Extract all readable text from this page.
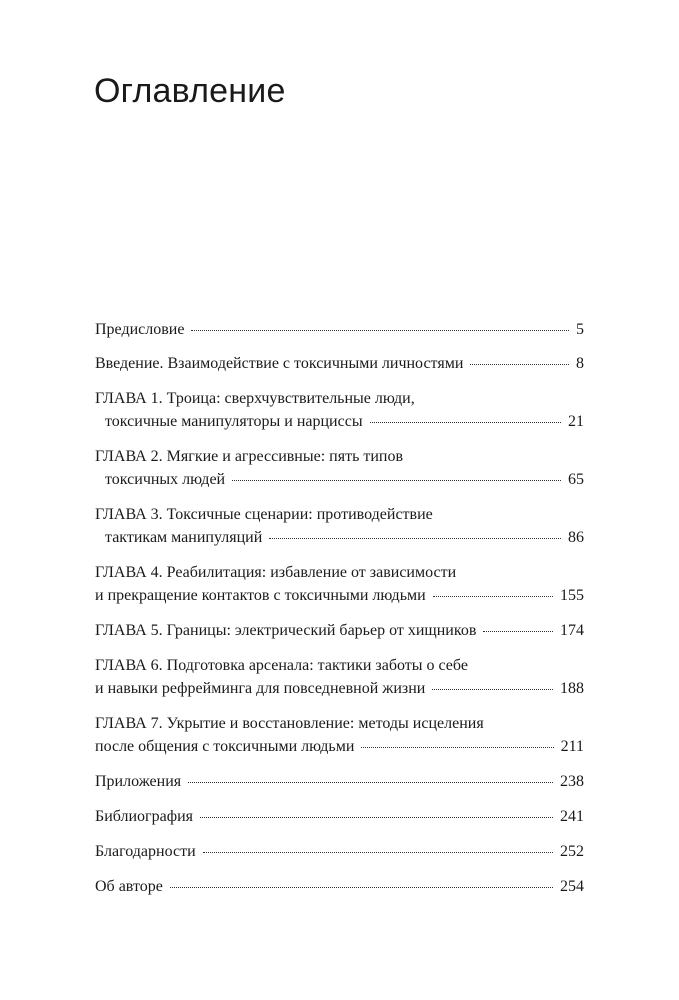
Оглавление
Предисловие	5
Введение. Взаимодействие с токсичными личностями	8
ГЛАВА 1. Троица: сверхчувствительные люди,
токсичные манипуляторы и нарциссы	21
ГЛАВА 2. Мягкие и агрессивные: пять типов
токсичных людей	65
ГЛАВА 3. Токсичные сценарии: противодействие
тактикам манипуляций	86
ГЛАВА 4. Реабилитация: избавление от зависимости
и прекращение контактов с токсичными людьми	155
ГЛАВА 5. Границы: электрический барьер от хищников	174
ГЛАВА 6. Подготовка арсенала: тактики заботы о себе
и навыки рефрейминга для повседневной жизни	188
ГЛАВА 7. Укрытие и восстановление: методы исцеления
после общения с токсичными людьми	211
Приложения	238
Библиография	241
Благодарности	252
Об авторе	254
